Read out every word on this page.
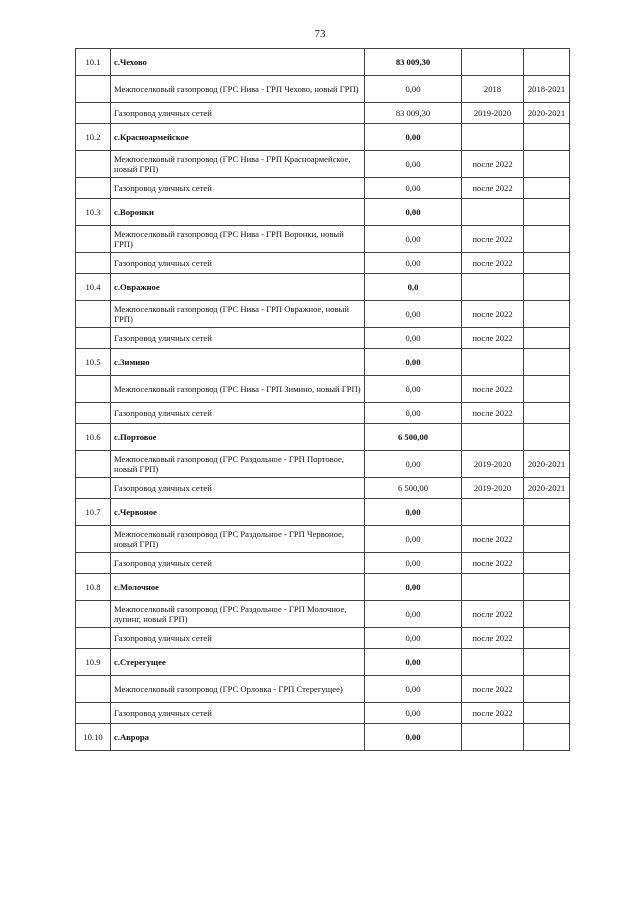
73
10.1	с.Чехово	83 009,30		
	Межпоселковый газопровод (ГРС Нива - ГРП Чехово, новый ГРП)	0,00	2018	2018-2021
	Газопровод уличных сетей	83 009,30	2019-2020	2020-2021
10.2	с.Красноармейское	0,00		
	Межпоселковый газопровод (ГРС Нива - ГРП Красноармейское, новый ГРП)	0,00	после 2022	
	Газопровод уличных сетей	0,00	после 2022	
10.3	с.Воронки	0,00		
	Межпоселковый газопровод (ГРС Нива - ГРП Воронки, новый ГРП)	0,00	после 2022	
	Газопровод уличных сетей	0,00	после 2022	
10.4	с.Овражное	0,0		
	Межпоселковый газопровод (ГРС Нива - ГРП Овражное, новый ГРП)	0,00	после 2022	
	Газопровод уличных сетей	0,00	после 2022	
10.5	с.Зимино	0,00		
	Межпоселковый газопровод (ГРС Нива - ГРП Зимино, новый ГРП)	0,00	после 2022	
	Газопровод уличных сетей	0,00	после 2022	
10.6	с.Портовое	6 500,00		
	Межпоселковый газопровод (ГРС Раздольное - ГРП Портовое, новый ГРП)	0,00	2019-2020	2020-2021
	Газопровод уличных сетей	6 500,00	2019-2020	2020-2021
10.7	с.Червоное	0,00		
	Межпоселковый газопровод (ГРС Раздольное - ГРП Червоное, новый ГРП)	0,00	после 2022	
	Газопровод уличных сетей	0,00	после 2022	
10.8	с.Молочное	0,00		
	Межпоселковый газопровод (ГРС Раздольное - ГРП Молочное, лупинг, новый ГРП)	0,00	после 2022	
	Газопровод уличных сетей	0,00	после 2022	
10.9	с.Стерегущее	0,00		
	Межпоселковый газопровод (ГРС Орловка - ГРП Стерегущее)	0,00	после 2022	
	Газопровод уличных сетей	0,00	после 2022	
10.10	с.Аврора	0,00		
